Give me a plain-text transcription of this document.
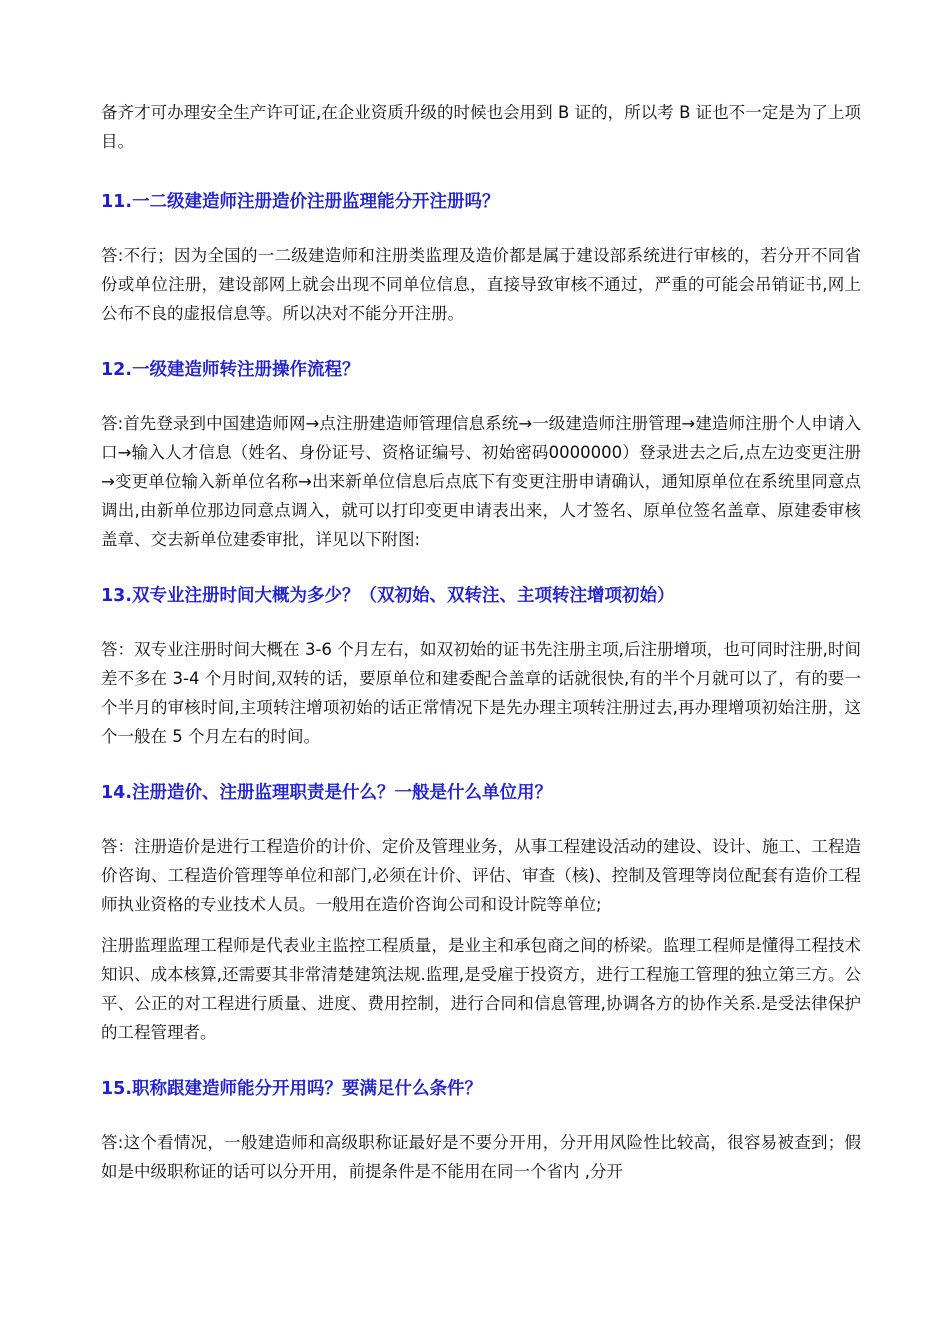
备齐才可办理安全生产许可证,在企业资质升级的时候也会用到 B 证的，所以考 B 证也不一定是为了上项目。

11.一二级建造师注册造价注册监理能分开注册吗？

答:不行；因为全国的一二级建造师和注册类监理及造价都是属于建设部系统进行审核的，若分开不同省份或单位注册，建设部网上就会出现不同单位信息，直接导致审核不通过，严重的可能会吊销证书,网上公布不良的虚报信息等。所以决对不能分开注册。

12.一级建造师转注册操作流程？

答:首先登录到中国建造师网→点注册建造师管理信息系统→一级建造师注册管理→建造师注册个人申请入口→输入人才信息（姓名、身份证号、资格证编号、初始密码0000000）登录进去之后,点左边变更注册→变更单位输入新单位名称→出来新单位信息后点底下有变更注册申请确认，通知原单位在系统里同意点调出,由新单位那边同意点调入，就可以打印变更申请表出来，人才签名、原单位签名盖章、原建委审核盖章、交去新单位建委审批，详见以下附图:

13.双专业注册时间大概为多少？（双初始、双转注、主项转注增项初始）

答：双专业注册时间大概在 3-6 个月左右，如双初始的证书先注册主项,后注册增项，也可同时注册,时间差不多在 3-4 个月时间,双转的话，要原单位和建委配合盖章的话就很快,有的半个月就可以了，有的要一个半月的审核时间,主项转注增项初始的话正常情况下是先办理主项转注册过去,再办理增项初始注册，这个一般在 5 个月左右的时间。

14.注册造价、注册监理职责是什么？一般是什么单位用？

答：注册造价是进行工程造价的计价、定价及管理业务，从事工程建设活动的建设、设计、施工、工程造价咨询、工程造价管理等单位和部门,必须在计价、评估、审查（核)、控制及管理等岗位配套有造价工程师执业资格的专业技术人员。一般用在造价咨询公司和设计院等单位;

注册监理监理工程师是代表业主监控工程质量，是业主和承包商之间的桥梁。监理工程师是懂得工程技术知识、成本核算,还需要其非常清楚建筑法规.监理,是受雇于投资方，进行工程施工管理的独立第三方。公平、公正的对工程进行质量、进度、费用控制，进行合同和信息管理,协调各方的协作关系.是受法律保护的工程管理者。

15.职称跟建造师能分开用吗？要满足什么条件？

答:这个看情况，一般建造师和高级职称证最好是不要分开用，分开用风险性比较高，很容易被查到；假如是中级职称证的话可以分开用，前提条件是不能用在同一个省内 ,分开
